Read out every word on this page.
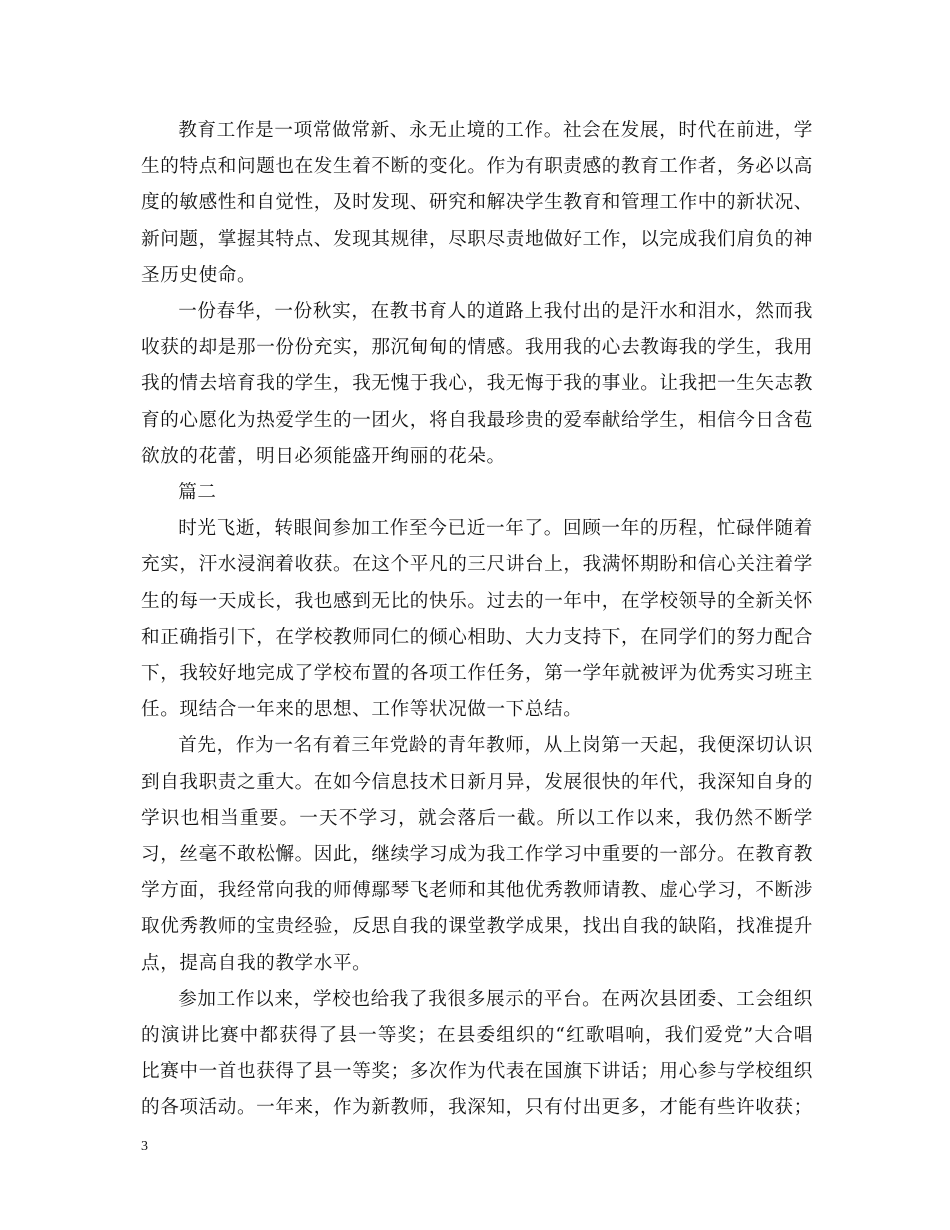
教育工作是一项常做常新、永无止境的工作。社会在发展，时代在前进，学生的特点和问题也在发生着不断的变化。作为有职责感的教育工作者，务必以高度的敏感性和自觉性，及时发现、研究和解决学生教育和管理工作中的新状况、新问题，掌握其特点、发现其规律，尽职尽责地做好工作，以完成我们肩负的神圣历史使命。

一份春华，一份秋实，在教书育人的道路上我付出的是汗水和泪水，然而我收获的却是那一份份充实，那沉甸甸的情感。我用我的心去教诲我的学生，我用我的情去培育我的学生，我无愧于我心，我无悔于我的事业。让我把一生矢志教育的心愿化为热爱学生的一团火，将自我最珍贵的爱奉献给学生，相信今日含苞欲放的花蕾，明日必须能盛开绚丽的花朵。

篇二

时光飞逝，转眼间参加工作至今已近一年了。回顾一年的历程，忙碌伴随着充实，汗水浸润着收获。在这个平凡的三尺讲台上，我满怀期盼和信心关注着学生的每一天成长，我也感到无比的快乐。过去的一年中，在学校领导的全新关怀和正确指引下，在学校教师同仁的倾心相助、大力支持下，在同学们的努力配合下，我较好地完成了学校布置的各项工作任务，第一学年就被评为优秀实习班主任。现结合一年来的思想、工作等状况做一下总结。

首先，作为一名有着三年党龄的青年教师，从上岗第一天起，我便深切认识到自我职责之重大。在如今信息技术日新月异，发展很快的年代，我深知自身的学识也相当重要。一天不学习，就会落后一截。所以工作以来，我仍然不断学习，丝毫不敢松懈。因此，继续学习成为我工作学习中重要的一部分。在教育教学方面，我经常向我的师傅鄢琴飞老师和其他优秀教师请教、虚心学习，不断涉取优秀教师的宝贵经验，反思自我的课堂教学成果，找出自我的缺陷，找准提升点，提高自我的教学水平。

参加工作以来，学校也给我了我很多展示的平台。在两次县团委、工会组织的演讲比赛中都获得了县一等奖；在县委组织的“红歌唱响，我们爱党”大合唱比赛中一首也获得了县一等奖；多次作为代表在国旗下讲话；用心参与学校组织的各项活动。一年来，作为新教师，我深知，只有付出更多，才能有些许收获；

3
